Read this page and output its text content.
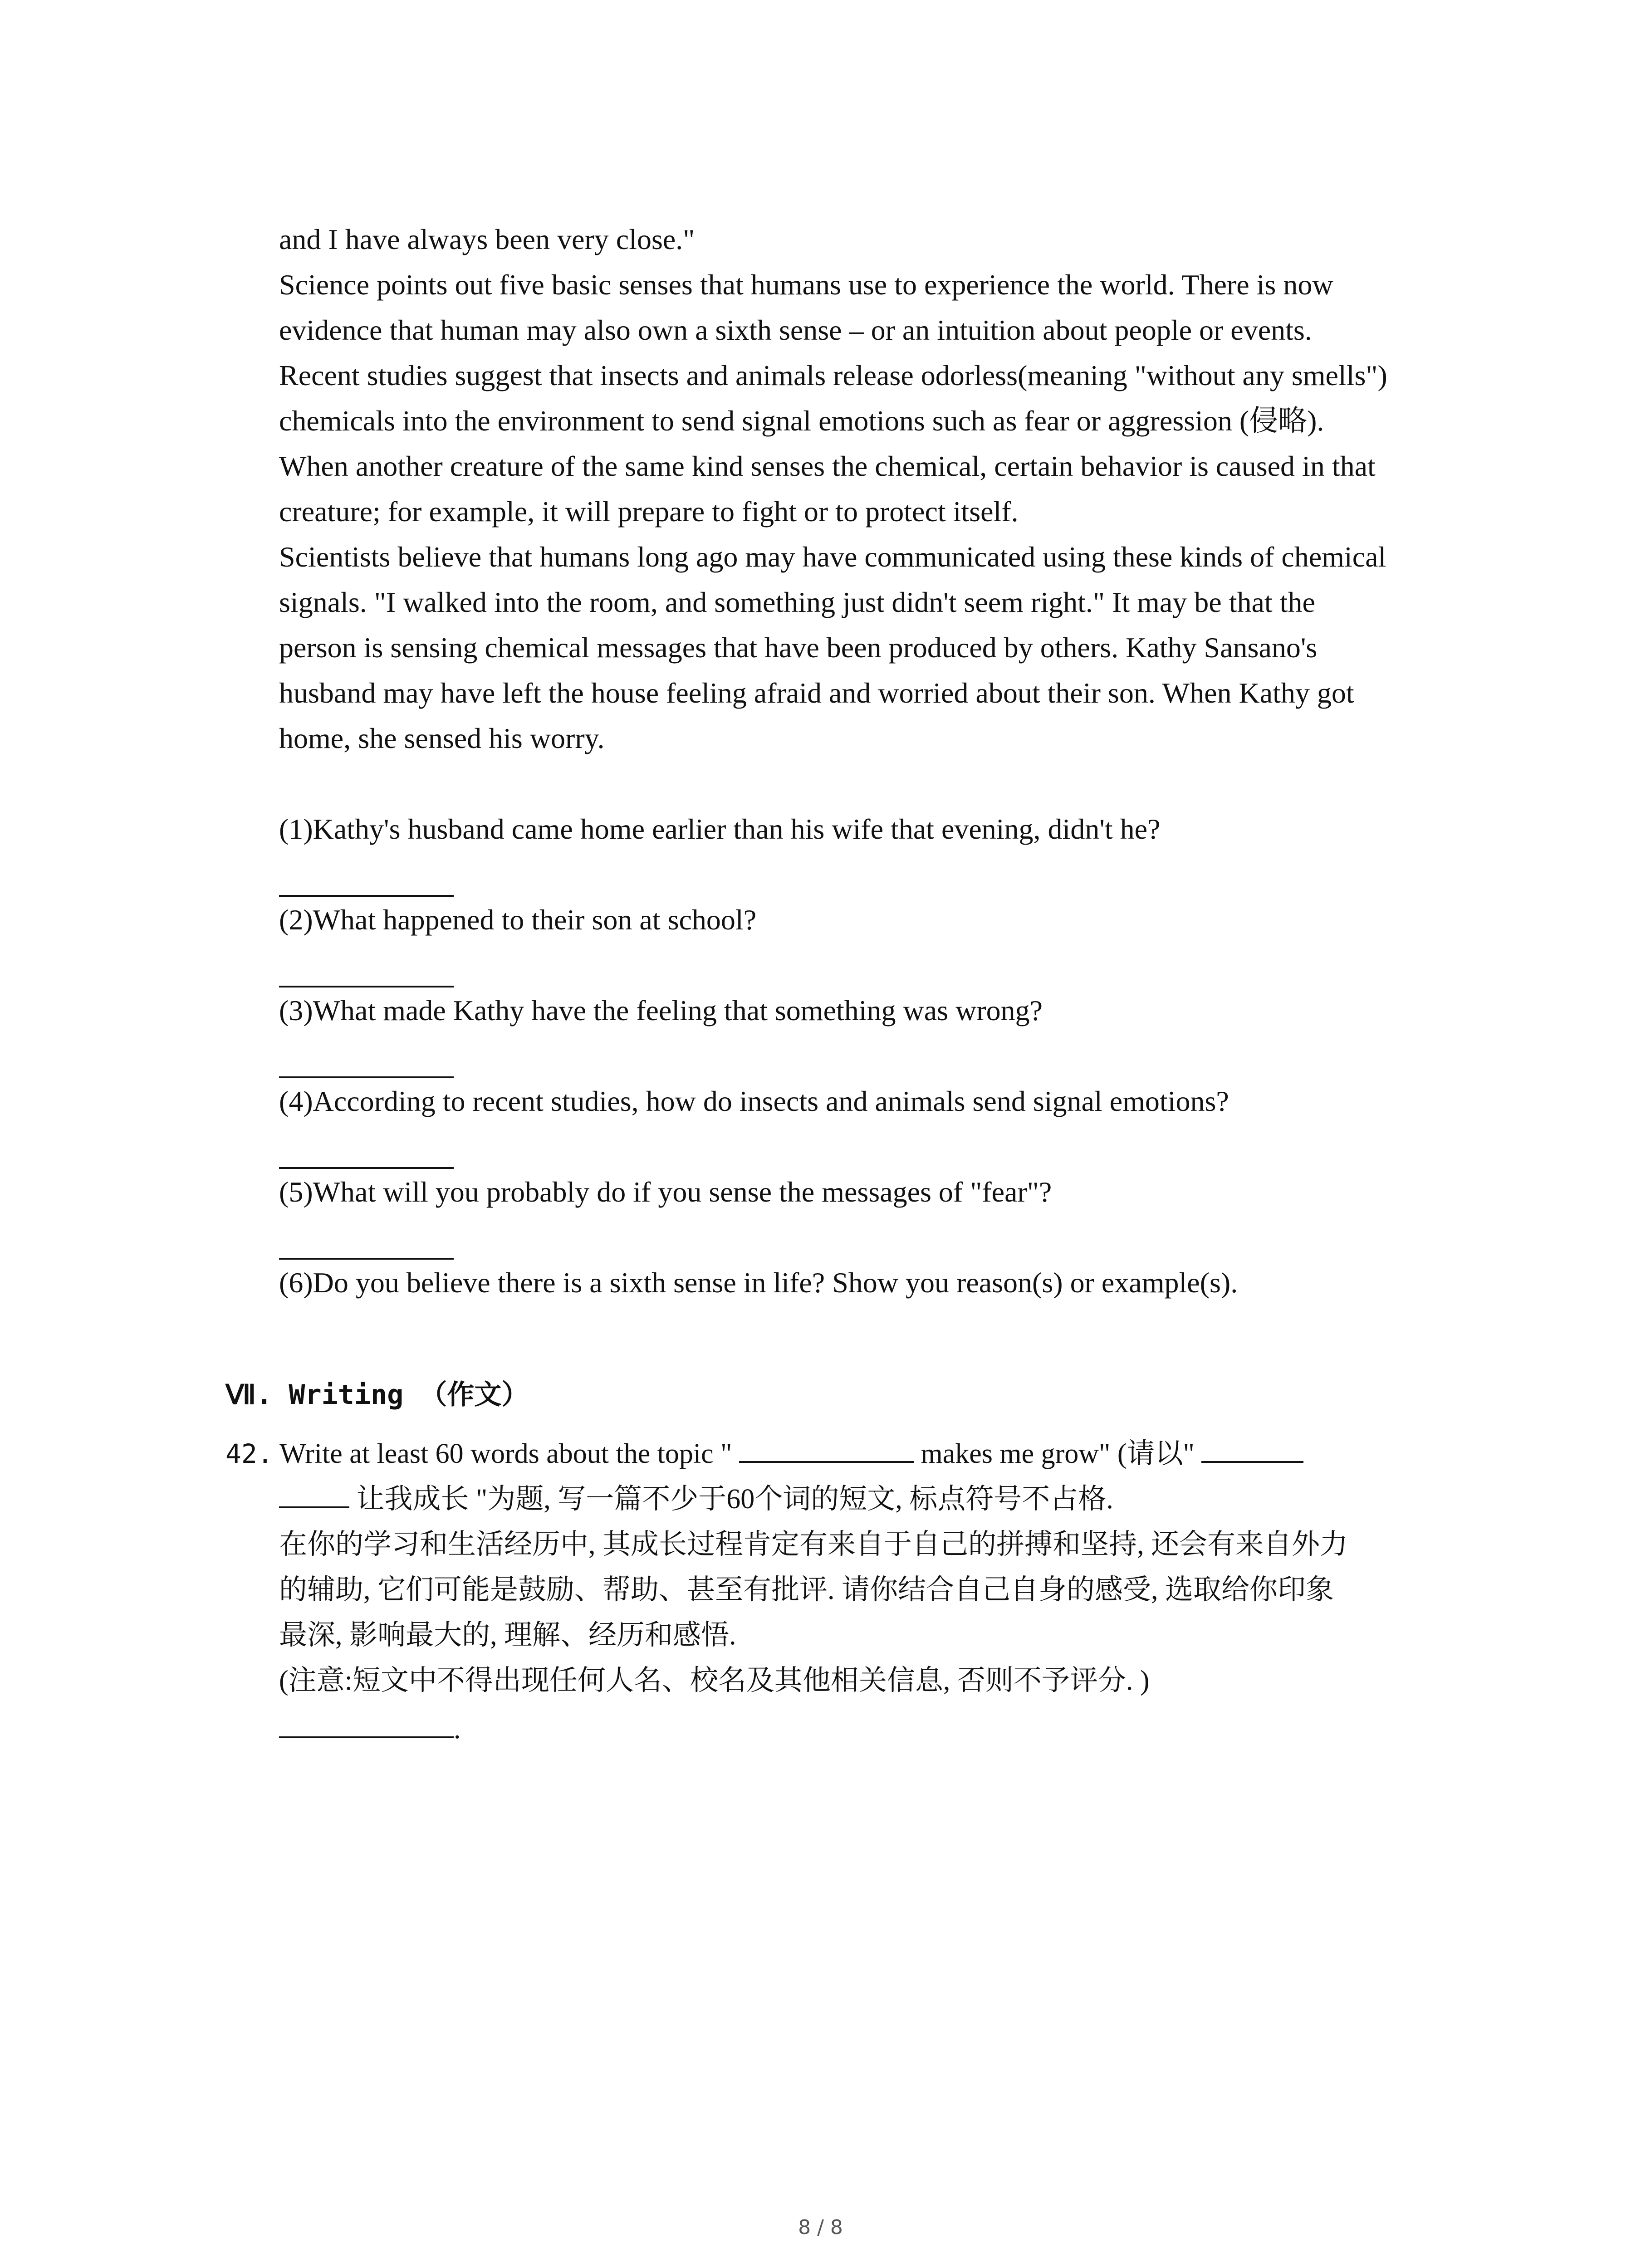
and I have always been very close."
Science points out five basic senses that humans use to experience the world. There is now
evidence that human may also own a sixth sense – or an intuition about people or events.
Recent studies suggest that insects and animals release odorless(meaning "without any smells")
chemicals into the environment to send signal emotions such as fear or aggression (侵略).
When another creature of the same kind senses the chemical, certain behavior is caused in that
creature; for example, it will prepare to fight or to protect itself.
Scientists believe that humans long ago may have communicated using these kinds of chemical
signals. "I walked into the room, and something just didn't seem right." It may be that the
person is sensing chemical messages that have been produced by others. Kathy Sansano's
husband may have left the house feeling afraid and worried about their son. When Kathy got
home, she sensed his worry.
(1)Kathy's husband came home earlier than his wife that evening, didn't he?
(2)What happened to their son at school?
(3)What made Kathy have the feeling that something was wrong?
(4)According to recent studies, how do insects and animals send signal emotions?
(5)What will you probably do if you sense the messages of "fear"?
(6)Do you believe there is a sixth sense in life? Show you reason(s) or example(s).
Ⅶ. Writing （作文）
42. Write at least 60 words about the topic "	makes me grow" (请以"
让我成长 "为题, 写一篇不少于60个词的短文, 标点符号不占格.
在你的学习和生活经历中, 其成长过程肯定有来自于自己的拼搏和坚持, 还会有来自外力
的辅助, 它们可能是鼓励、帮助、甚至有批评. 请你结合自己自身的感受, 选取给你印象
最深, 影响最大的, 理解、经历和感悟.
(注意:短文中不得出现任何人名、校名及其他相关信息, 否则不予评分. )
.
8 / 8
